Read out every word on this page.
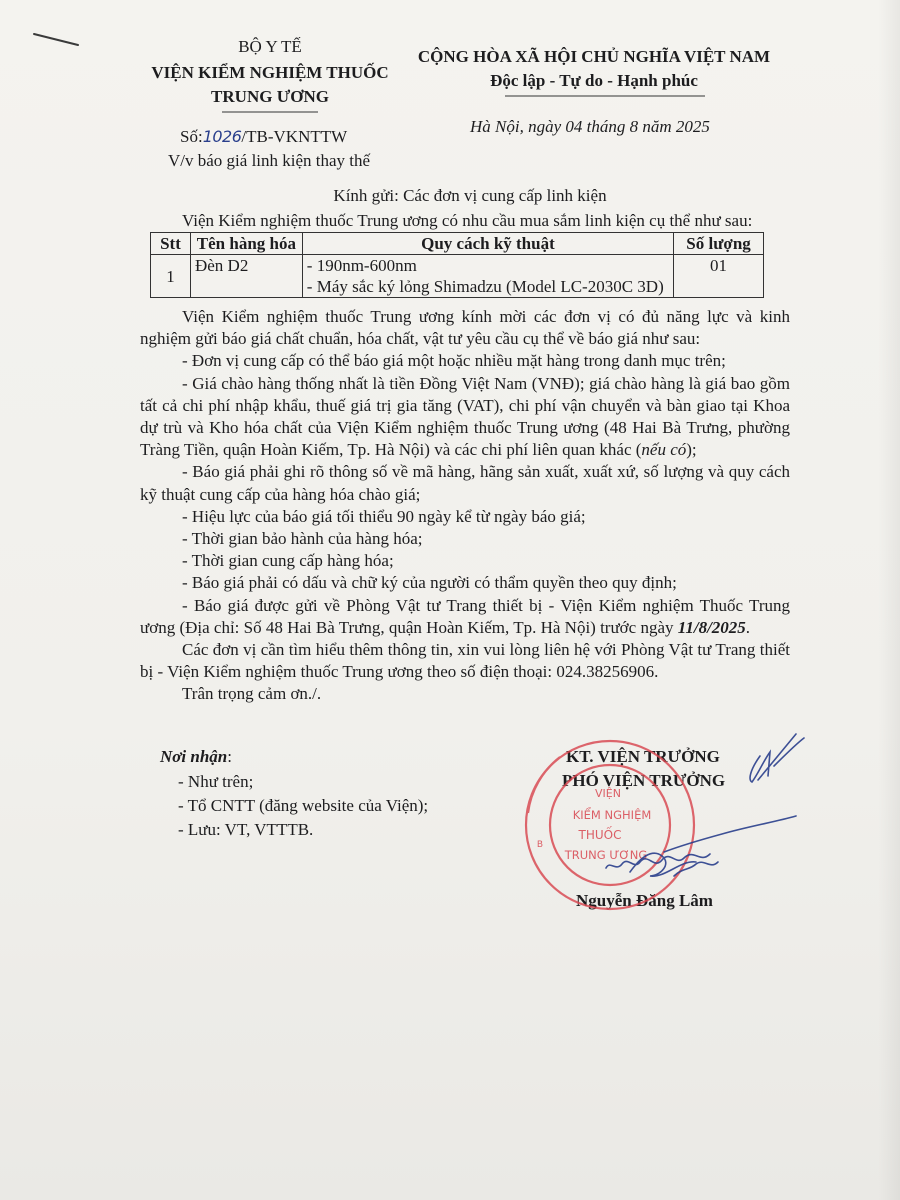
BỘ Y TẾ
VIỆN KIỂM NGHIỆM THUỐC
TRUNG ƯƠNG
Số:1026/TB-VKNTTW
V/v báo giá linh kiện thay thế
CỘNG HÒA XÃ HỘI CHỦ NGHĨA VIỆT NAM
Độc lập - Tự do - Hạnh phúc
Hà Nội, ngày 04 tháng 8 năm 2025
Kính gửi: Các đơn vị cung cấp linh kiện
Viện Kiểm nghiệm thuốc Trung ương có nhu cầu mua sắm linh kiện cụ thể như sau:
Stt	Tên hàng hóa	Quy cách kỹ thuật	Số lượng
1	Đèn D2	- 190nm-600nm
- Máy sắc ký lỏng Shimadzu (Model LC-2030C 3D)	01

Viện Kiểm nghiệm thuốc Trung ương kính mời các đơn vị có đủ năng lực và kinh nghiệm gửi báo giá chất chuẩn, hóa chất, vật tư yêu cầu cụ thể về báo giá như sau:

- Đơn vị cung cấp có thể báo giá một hoặc nhiều mặt hàng trong danh mục trên;

- Giá chào hàng thống nhất là tiền Đồng Việt Nam (VNĐ); giá chào hàng là giá bao gồm tất cả chi phí nhập khẩu, thuế giá trị gia tăng (VAT), chi phí vận chuyển và bàn giao tại Khoa dự trù và Kho hóa chất của Viện Kiểm nghiệm thuốc Trung ương (48 Hai Bà Trưng, phường Tràng Tiền, quận Hoàn Kiếm, Tp. Hà Nội) và các chi phí liên quan khác (nếu có);

- Báo giá phải ghi rõ thông số về mã hàng, hãng sản xuất, xuất xứ, số lượng và quy cách kỹ thuật cung cấp của hàng hóa chào giá;

- Hiệu lực của báo giá tối thiểu 90 ngày kể từ ngày báo giá;

- Thời gian bảo hành của hàng hóa;

- Thời gian cung cấp hàng hóa;

- Báo giá phải có dấu và chữ ký của người có thẩm quyền theo quy định;

- Báo giá được gửi về Phòng Vật tư Trang thiết bị - Viện Kiểm nghiệm Thuốc Trung ương (Địa chỉ: Số 48 Hai Bà Trưng, quận Hoàn Kiếm, Tp. Hà Nội) trước ngày 11/8/2025.

Các đơn vị cần tìm hiểu thêm thông tin, xin vui lòng liên hệ với Phòng Vật tư Trang thiết bị - Viện Kiểm nghiệm thuốc Trung ương theo số điện thoại: 024.38256906.

Trân trọng cảm ơn./.

Nơi nhận:
- Như trên;
- Tổ CNTT (đăng website của Viện);
- Lưu: VT, VTTTB.
KT. VIỆN TRƯỞNG
PHÓ VIỆN TRƯỞNG
Nguyễn Đăng Lâm
VIỆN
KIỂM NGHIỆM
THUỐC
TRUNG ƯƠNG
B
